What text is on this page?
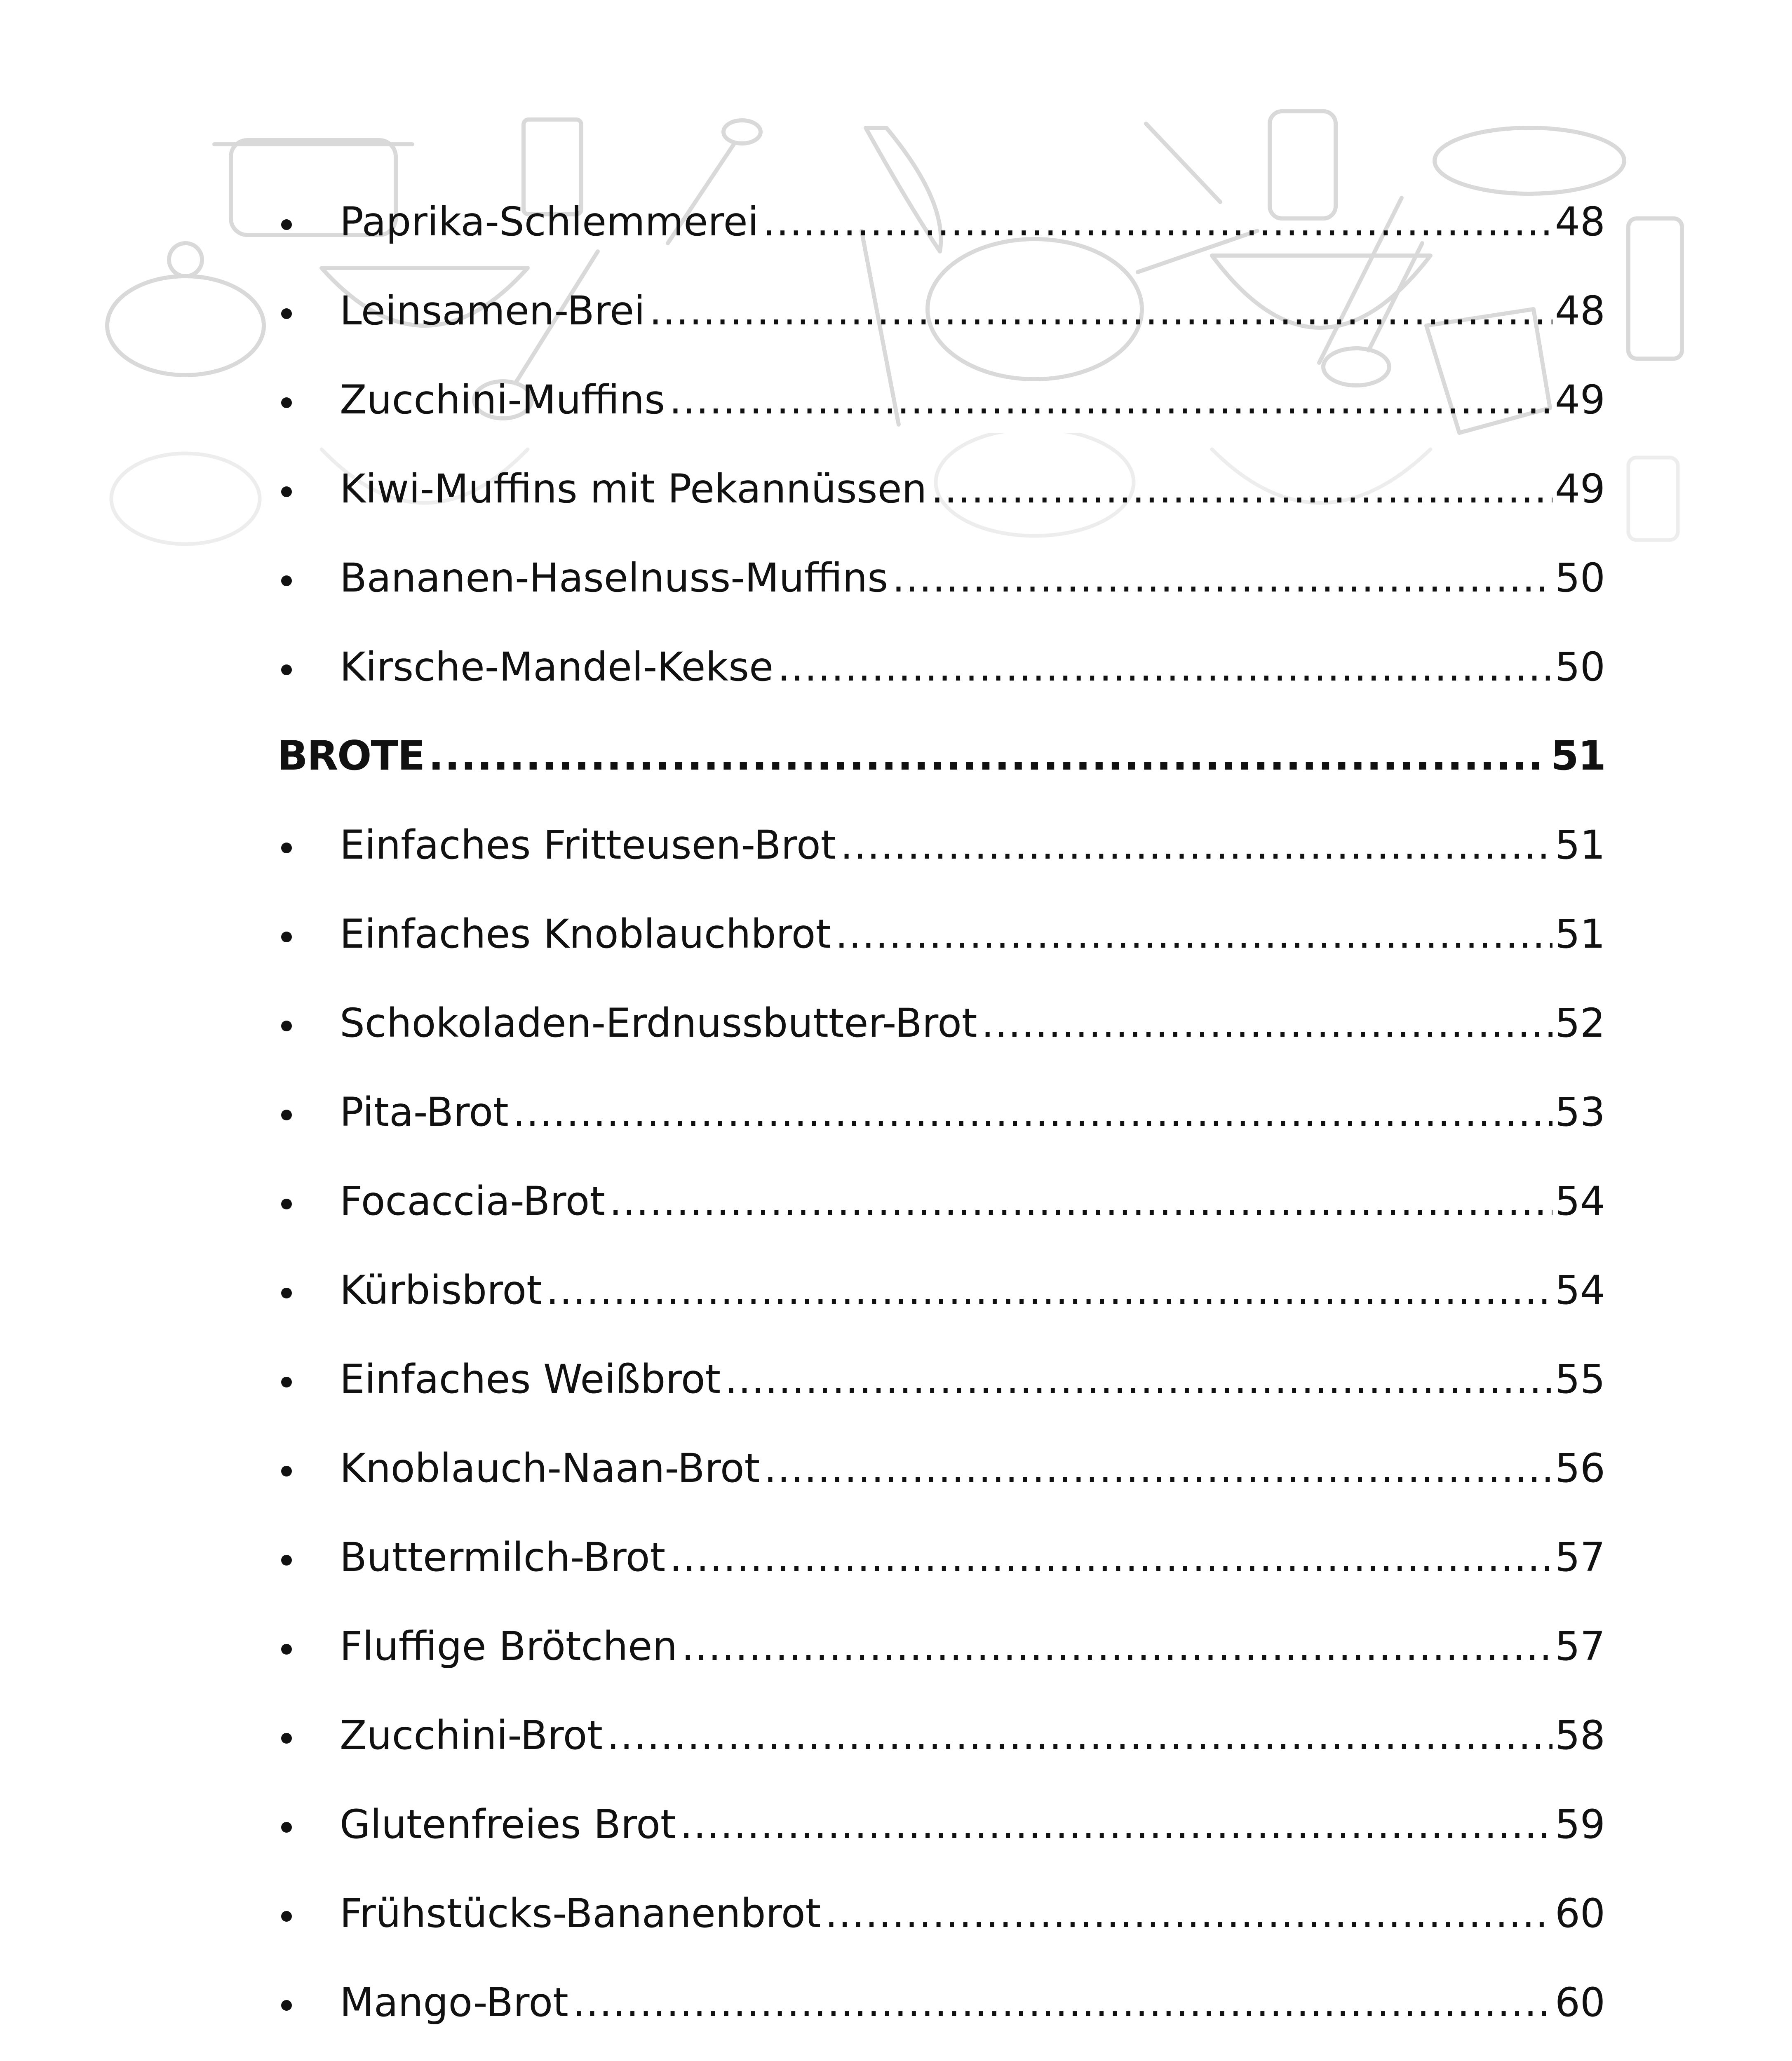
Paprika-Schlemmerei .....	48
Leinsamen-Brei .....	48
Zucchini-Muffins .....	49
Kiwi-Muffins mit Pekannüssen .....	49
Bananen-Haselnuss-Muffins .....	50
Kirsche-Mandel-Kekse .....	50
BROTE .....	51
Einfaches Fritteusen-Brot .....	51
Einfaches Knoblauchbrot .....	51
Schokoladen-Erdnussbutter-Brot .....	52
Pita-Brot .....	53
Focaccia-Brot .....	54
Kürbisbrot .....	54
Einfaches Weißbrot .....	55
Knoblauch-Naan-Brot .....	56
Buttermilch-Brot .....	57
Fluffige Brötchen .....	57
Zucchini-Brot .....	58
Glutenfreies Brot .....	59
Frühstücks-Bananenbrot .....	60
Mango-Brot .....	60
